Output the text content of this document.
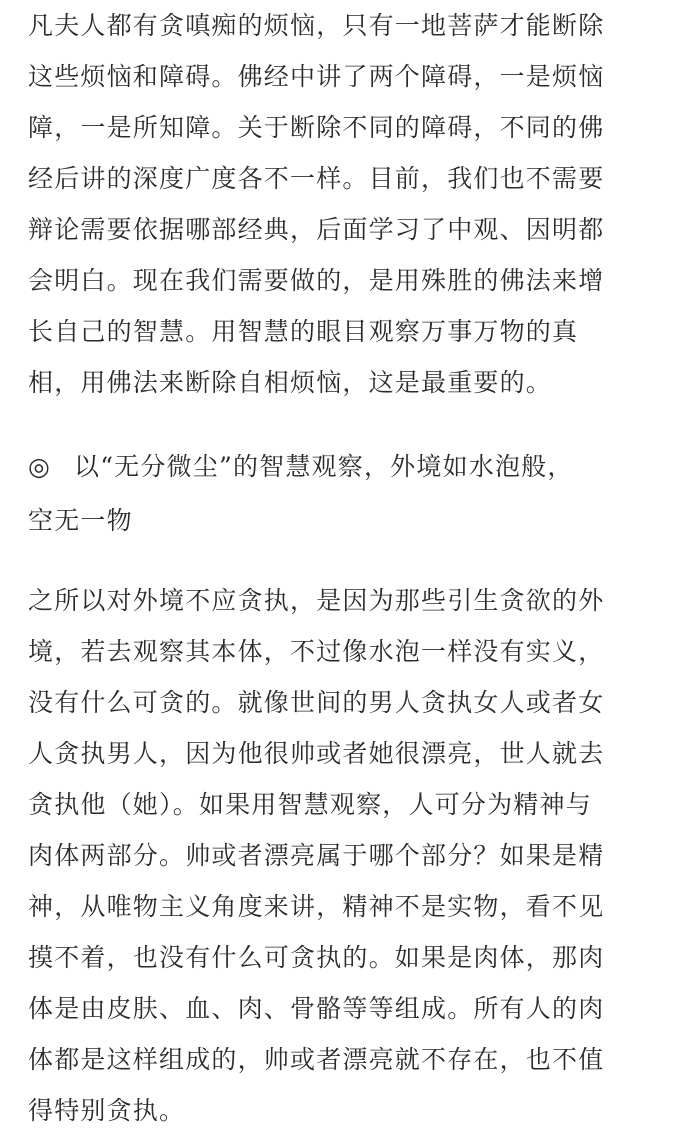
凡夫人都有贪嗔痴的烦恼，只有一地菩萨才能断除
这些烦恼和障碍。佛经中讲了两个障碍，一是烦恼
障，一是所知障。关于断除不同的障碍，不同的佛
经后讲的深度广度各不一样。目前，我们也不需要
辩论需要依据哪部经典，后面学习了中观、因明都
会明白。现在我们需要做的，是用殊胜的佛法来增
长自己的智慧。用智慧的眼目观察万事万物的真
相，用佛法来断除自相烦恼，这是最重要的。
◎ 以“无分微尘”的智慧观察，外境如水泡般，
空无一物
之所以对外境不应贪执，是因为那些引生贪欲的外
境，若去观察其本体，不过像水泡一样没有实义，
没有什么可贪的。就像世间的男人贪执女人或者女
人贪执男人，因为他很帅或者她很漂亮，世人就去
贪执他（她）。如果用智慧观察，人可分为精神与
肉体两部分。帅或者漂亮属于哪个部分？如果是精
神，从唯物主义角度来讲，精神不是实物，看不见
摸不着，也没有什么可贪执的。如果是肉体，那肉
体是由皮肤、血、肉、骨骼等等组成。所有人的肉
体都是这样组成的，帅或者漂亮就不存在，也不值
得特别贪执。
